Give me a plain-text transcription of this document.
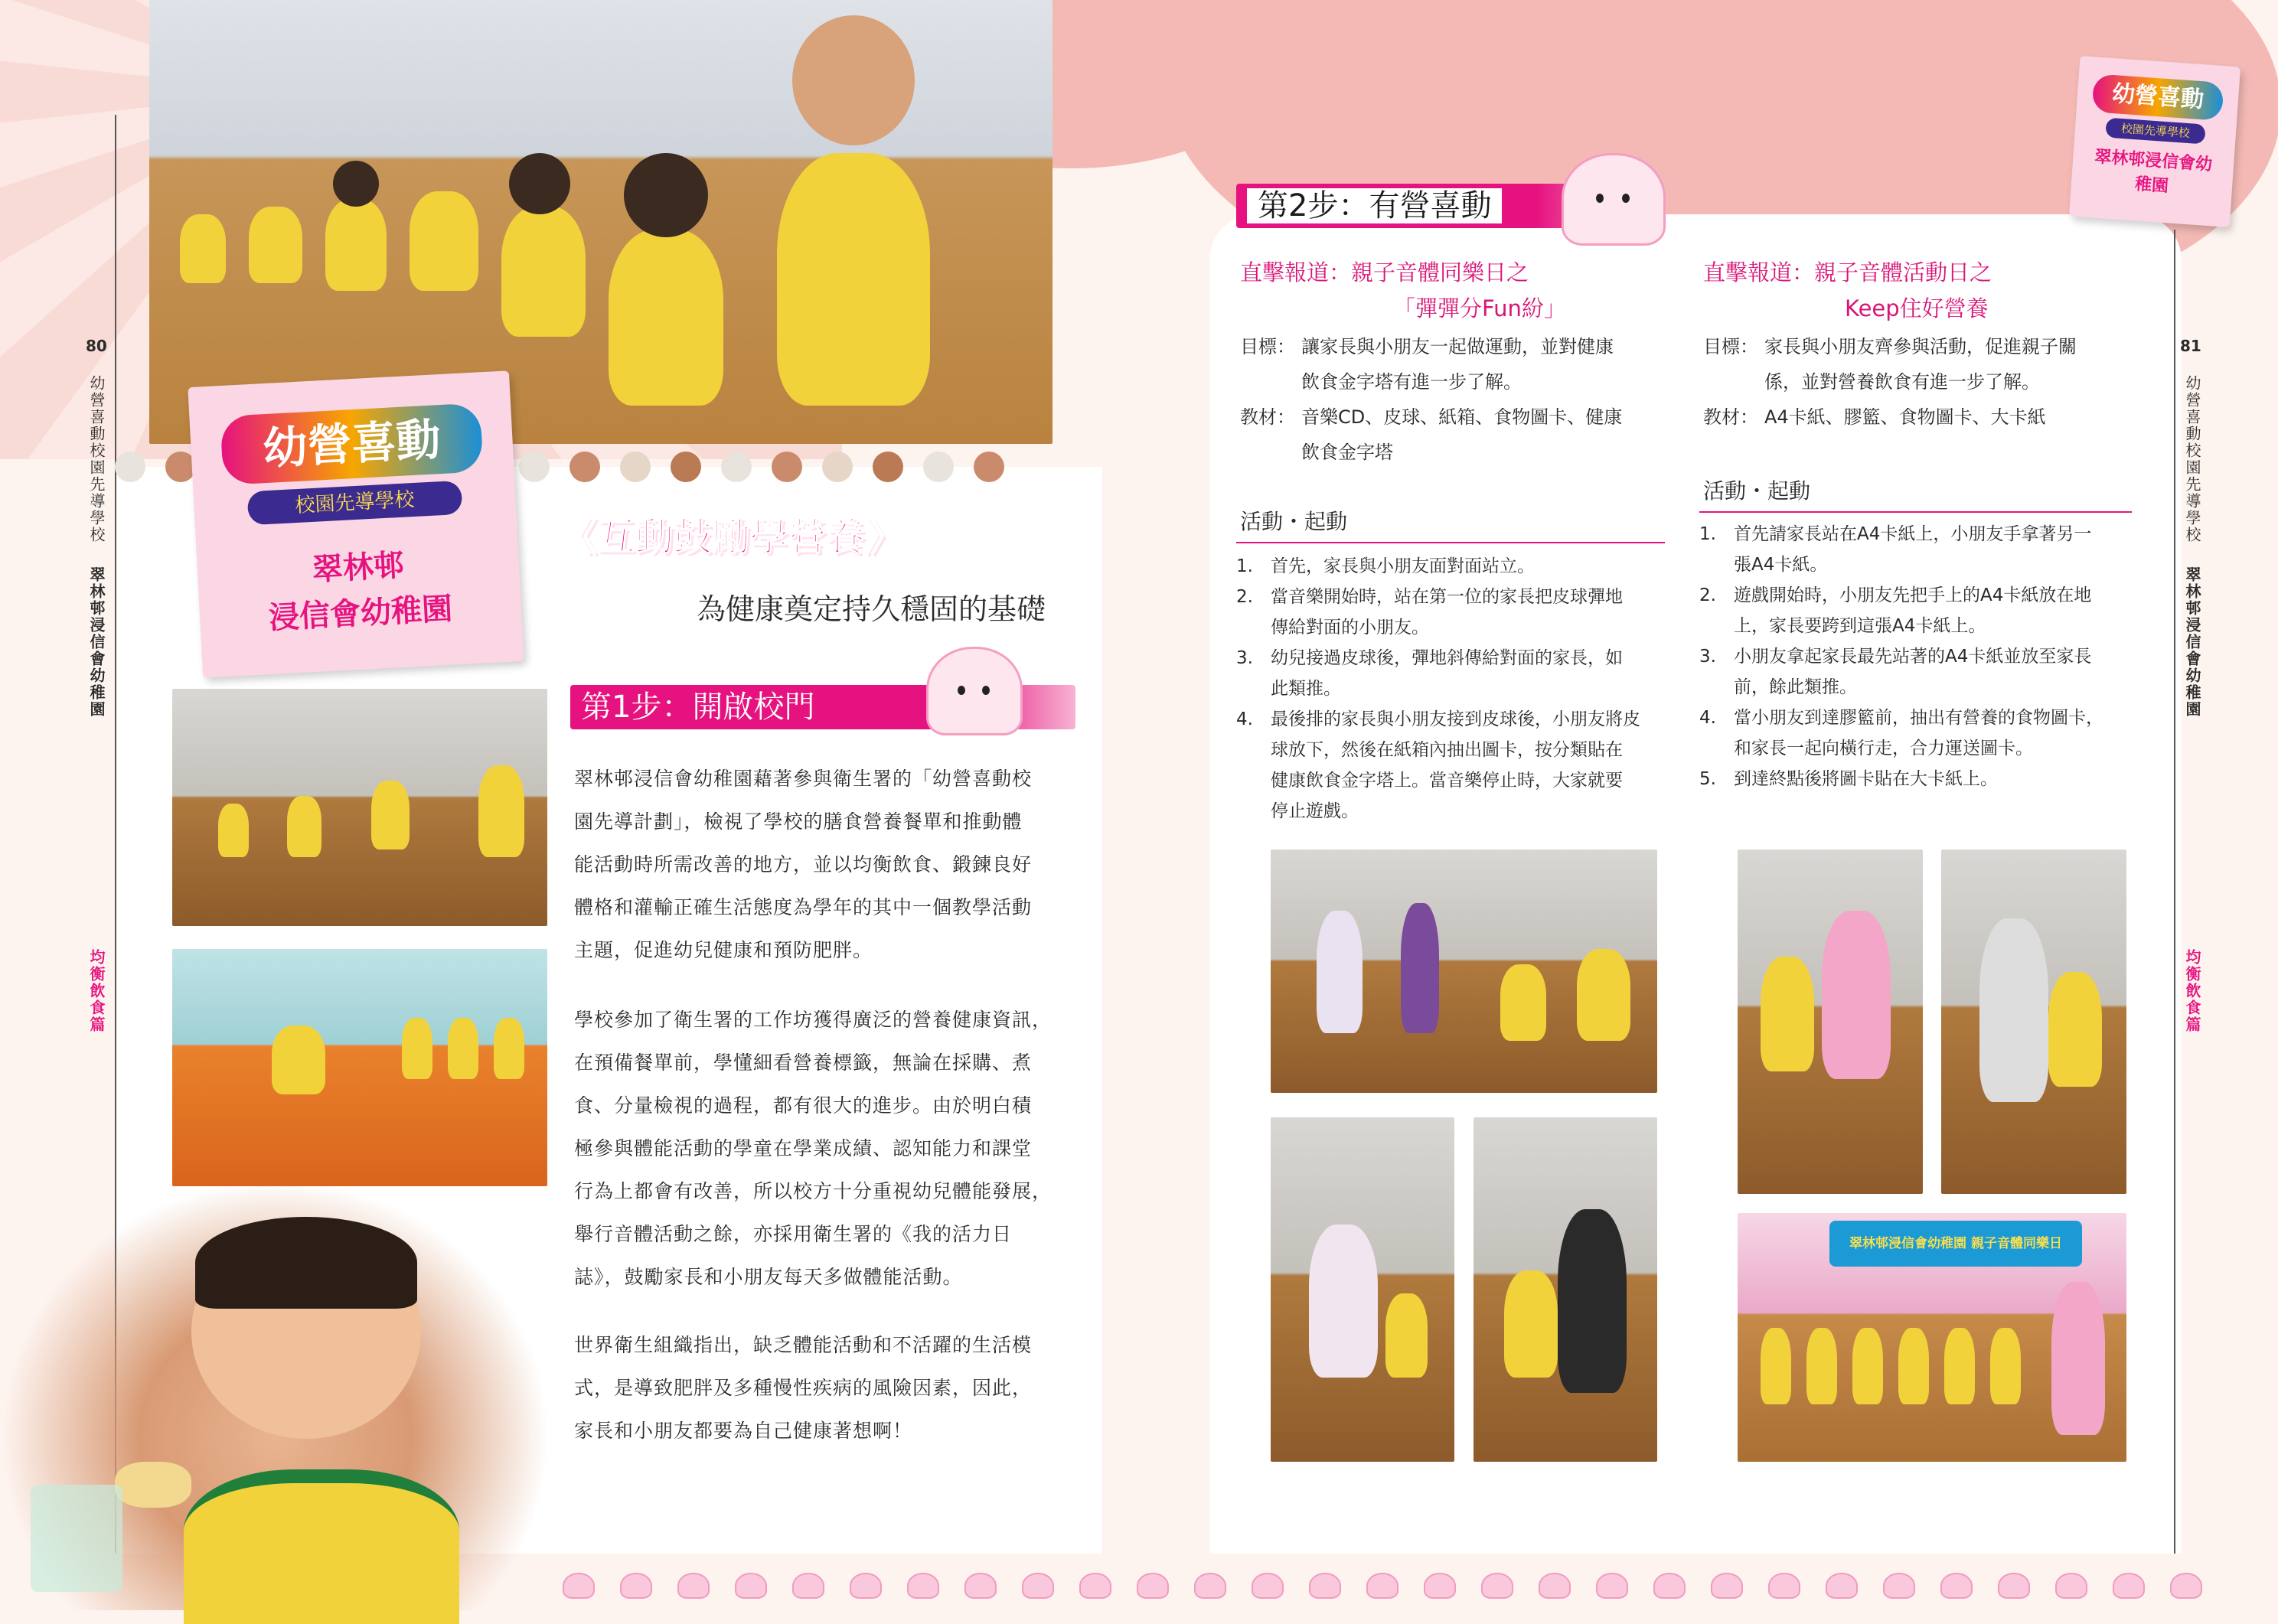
幼營喜動
校園先導學校
翠林邨
浸信會幼稚園
80
幼營喜動校園先導學校
翠林邨浸信會幼稚園
均衡飲食篇
《互動鼓勵學營養》
為健康奠定持久穩固的基礎
第1步：開啟校門
翠林邨浸信會幼稚園藉著參與衛生署的「幼營喜動校
園先導計劃」，檢視了學校的膳食營養餐單和推動體
能活動時所需改善的地方，並以均衡飲食、鍛鍊良好
體格和灌輸正確生活態度為學年的其中一個教學活動
主題，促進幼兒健康和預防肥胖。
學校參加了衛生署的工作坊獲得廣泛的營養健康資訊，
在預備餐單前，學懂細看營養標籤，無論在採購、煮
食、分量檢視的過程，都有很大的進步。由於明白積
極參與體能活動的學童在學業成績、認知能力和課堂
行為上都會有改善，所以校方十分重視幼兒體能發展，
舉行音體活動之餘，亦採用衛生署的《我的活力日
誌》，鼓勵家長和小朋友每天多做體能活動。
世界衛生組織指出，缺乏體能活動和不活躍的生活模
式，是導致肥胖及多種慢性疾病的風險因素，因此，
家長和小朋友都要為自己健康著想啊！
幼營喜動
校園先導學校
翠林邨浸信會幼稚園
81
幼營喜動校園先導學校
翠林邨浸信會幼稚園
均衡飲食篇
第2步：有營喜動
直擊報道：親子音體同樂日之
「彈彈分Fun紛」
目標： 讓家長與小朋友一起做運動，並對健康
飲食金字塔有進一步了解。
教材： 音樂CD、皮球、紙箱、食物圖卡、健康
飲食金字塔
活動・起動
1.	首先，家長與小朋友面對面站立。
2.	當音樂開始時，站在第一位的家長把皮球彈地
傳給對面的小朋友。
3.	幼兒接過皮球後，彈地斜傳給對面的家長，如
此類推。
4.	最後排的家長與小朋友接到皮球後，小朋友將皮
球放下，然後在紙箱內抽出圖卡，按分類貼在
健康飲食金字塔上。當音樂停止時，大家就要
停止遊戲。
直擊報道：親子音體活動日之
Keep住好營養
目標： 家長與小朋友齊參與活動，促進親子關
係，並對營養飲食有進一步了解。
教材： A4卡紙、膠籃、食物圖卡、大卡紙
活動・起動
1.	首先請家長站在A4卡紙上，小朋友手拿著另一
張A4卡紙。
2.	遊戲開始時，小朋友先把手上的A4卡紙放在地
上，家長要跨到這張A4卡紙上。
3.	小朋友拿起家長最先站著的A4卡紙並放至家長
前，餘此類推。
4.	當小朋友到達膠籃前，抽出有營養的食物圖卡，
和家長一起向橫行走，合力運送圖卡。
5.	到達終點後將圖卡貼在大卡紙上。
翠林邨浸信會幼稚園 親子音體同樂日
